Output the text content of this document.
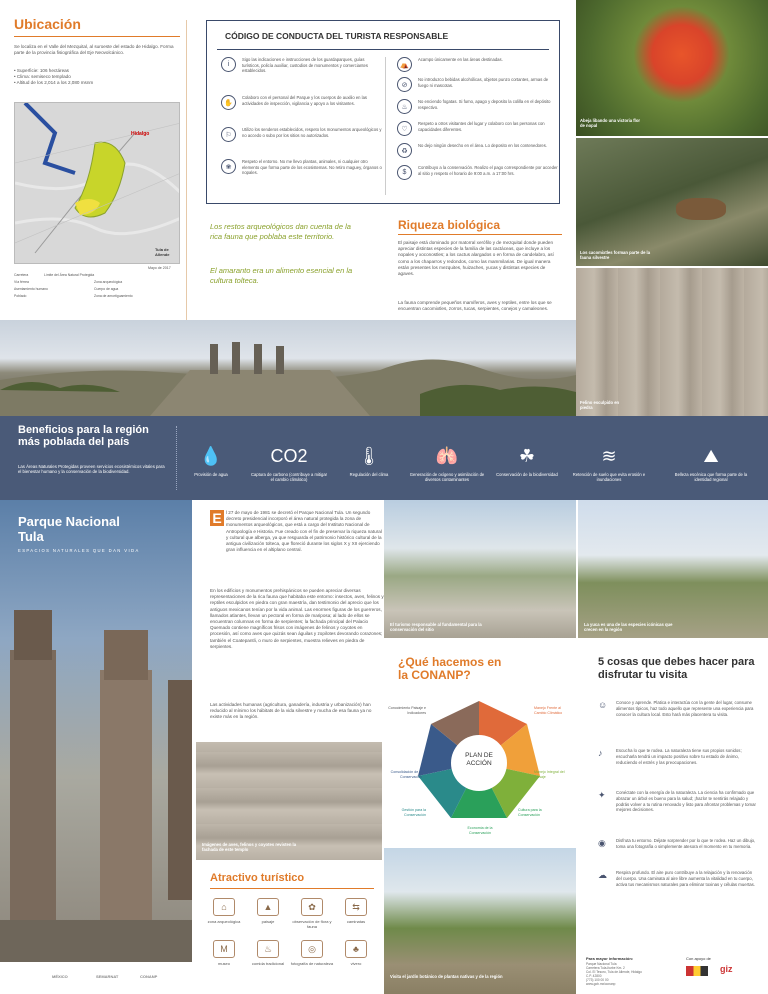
Ubicación
Se localiza en el Valle del Mezquital, al suroeste del estado de Hidalgo. Forma parte de la provincia fisiográfica del Eje Neovolcánico.
• Superficie: 106 hectáreas
• Clima: semiseco templado
• Altitud de los 2,014 a los 2,080 msnm
Hidalgo
Tula de Allende
Mayo de 2017
Carretera
Vía férrea
Asentamiento humano
Poblado
Límite del Área Natural Protegida
Zona arqueológica
Cuerpo de agua
Zona de amortiguamiento
CÓDIGO DE CONDUCTA DEL TURISTA RESPONSABLE
i
Sigo las indicaciones e instrucciones de los guardaparques, guías turísticos, policía auxiliar, custodios de monumentos y comerciantes establecidos.
✋
Colaboro con el personal del Parque y los cuerpos de auxilio en las actividades de inspección, vigilancia y apoyo a los visitantes.
⚐
Utilizo los senderos establecidos, respeto los monumentos arqueológicos y no accedo o subo por los sitios no autorizados.
❀
Respeto el entorno. No me llevo plantas, animales, ni cualquier otro elemento que forma parte de los ecosistemas. No retiro maguey, órganos o nopales.
⛺
Acampo únicamente en las áreas destinadas.
⊘
No introduzco bebidas alcohólicas, objetos punzo cortantes, armas de fuego ni mascotas.
♨
No enciendo fogatas. Si fumo, apago y deposito la colilla en el depósito respectivo.
♡
Respeto a otros visitantes del lugar y colaboro con las personas con capacidades diferentes.
♻
No dejo ningún desecho en el área. Lo deposito en los contenedores.
$
Contribuyo a la conservación. Realizo el pago correspondiente por acceder al sitio y respeto el horario de 9:00 a.m. a 17:00 hrs.
Los restos arqueológicos dan cuenta de la rica fauna que poblaba este territorio.
El amaranto era un alimento esencial en la cultura tolteca.
Riqueza biológica
El paisaje está dominado por matorral xerófilo y de mezquital donde pueden apreciar distintas especies de la familia de las cactáceas, que incluye a los nopales y xoconostles; a los cactus alargados o en forma de candelabro, así como a los chaparros y redondos, como las mammilarias. De igual manera están presentes los mezquites, huizaches, yucas y distintas especies de agaves.
La fauna comprende pequeños mamíferos, aves y reptiles, entre los que se encuentran cacomixtles, zorros, tucas, serpientes, conejos y camaleones.
Abeja libando una victoria flor de nopal
Los cacomixtles forman parte de la fauna silvestre
Felino esculpido en piedra
Beneficios para la región más poblada del país
Las Áreas Naturales Protegidas proveen servicios ecosistémicos vitales para el bienestar humano y la conservación de la biodiversidad.
💧
Provisión de agua
CO2
Captura de carbono (contribuye a mitigar el cambio climático)
🌡
Regulación del clima
🫁
Generación de oxígeno y asimilación de diversos contaminantes
☘
Conservación de la biodiversidad
≋
Retención de suelo que evita erosión e inundaciones
⛰
Belleza escénica que forma parte de la identidad regional
Parque Nacional Tula
ESPACIOS NATURALES QUE DAN VIDA
E l 27 de mayo de 1981 se decretó el Parque Nacional Tula. Un segundo decreto presidencial incorporó el área natural protegida la zona de monumentos arqueológicos, que está a cargo del Instituto Nacional de Antropología e Historia. Fue creado con el fin de preservar la riqueza natural y cultural que alberga, ya que resguarda el patrimonio histórico cultural de la antigua civilización tolteca, que floreció durante los siglos X y XII ejerciendo gran influencia en el altiplano central.
En los edificios y monumentos prehispánicos se pueden apreciar diversas representaciones de la rica fauna que habitaba este entorno: insectos, aves, felinos y reptiles esculpidos en piedra con gran maestría, dan testimonio del aprecio que los antiguos mexicanos tenían por la vida animal. Las enormes figuras de los guerreros, llamados atlantes, llevan un pectoral en forma de mariposa; al lado de ellos se encuentran columnas en forma de serpientes; la fachada principal del Palacio Quemado contiene magníficos frisos con imágenes de felinos y coyotes en procesión, así como aves que quizás sean águilas y zopilotes devorando corazones; también el Coatepantli, o muro de serpientes, muestra relieves en piedra de serpientes.
Las actividades humanas (agricultura, ganadería, industria y urbanización) han reducido al mínimo los hábitats de la vida silvestre y mucha de esa fauna ya no existe más en la región.
Imágenes de aves, felinos y coyotes revisten la fachada de este templo
El turismo responsable al fundamental para la conservación del sitio
La yuca es una de las especies icónicas que crecen en la región
¿Qué hacemos en la CONANP?
PLAN DE ACCIÓN
Conocimiento Paisaje e Indicadores
Manejo Frente al Cambio Climático
Manejo Integral del Paisaje
Cultura para la Conservación
Economía de la Conservación
Gestión para la Conservación
Consolidación de la Conservación
5 cosas que debes hacer para disfrutar tu visita
☺	Conoce y aprende. Platica e interactúa con la gente del lugar, consume alimentos típicos, haz todo aquello que represente una experiencia para conocer la cultura local. Esto hará más placentera tu visita.
♪	Escucha lo que te rodea. La naturaleza tiene sus propios sonidos; escucharla tendrá un impacto positivo sobre tu estado de ánimo, reduciendo el estrés y las preocupaciones.
✦	Conéctate con la energía de la naturaleza. La ciencia ha confirmado que abrazar un árbol es bueno para la salud; ¡hazlo! te sentirás relajado y podrás volver a tu rutina renovado y listo para afrontar problemas y tomar mejores decisiones.
◉	Disfruta tu entorno. Déjate sorprender por lo que te rodea. Haz un dibujo, toma una fotografía o simplemente atesora el momento en tu memoria.
☁	Respira profundo. El aire puro contribuye a la relajación y la renovación del cuerpo. Una caminata al aire libre aumenta la vitalidad en tu cuerpo, activa tus mecanismos naturales para eliminar toxinas y células muertas.
Atractivo turístico
⌂
zona arqueológica
▲
paisaje
✿
observación de flora y fauna
⇆
caminatas
M
museo
♨
comida tradicional
◎
fotografía de naturaleza
♣
vivero
Visita el jardín botánico de plantas nativas y de la región
MÉXICO	SEMARNAT	CONANP
Para mayor información:
Parque Nacional Tula
Carretera Tula-Iturbe Km. 2
Col. El Tesoro, Tula de Allende, Hidalgo
C.P. 42800
(773) 100 00 00
www.gob.mx/conanp
Con apoyo de
giz
